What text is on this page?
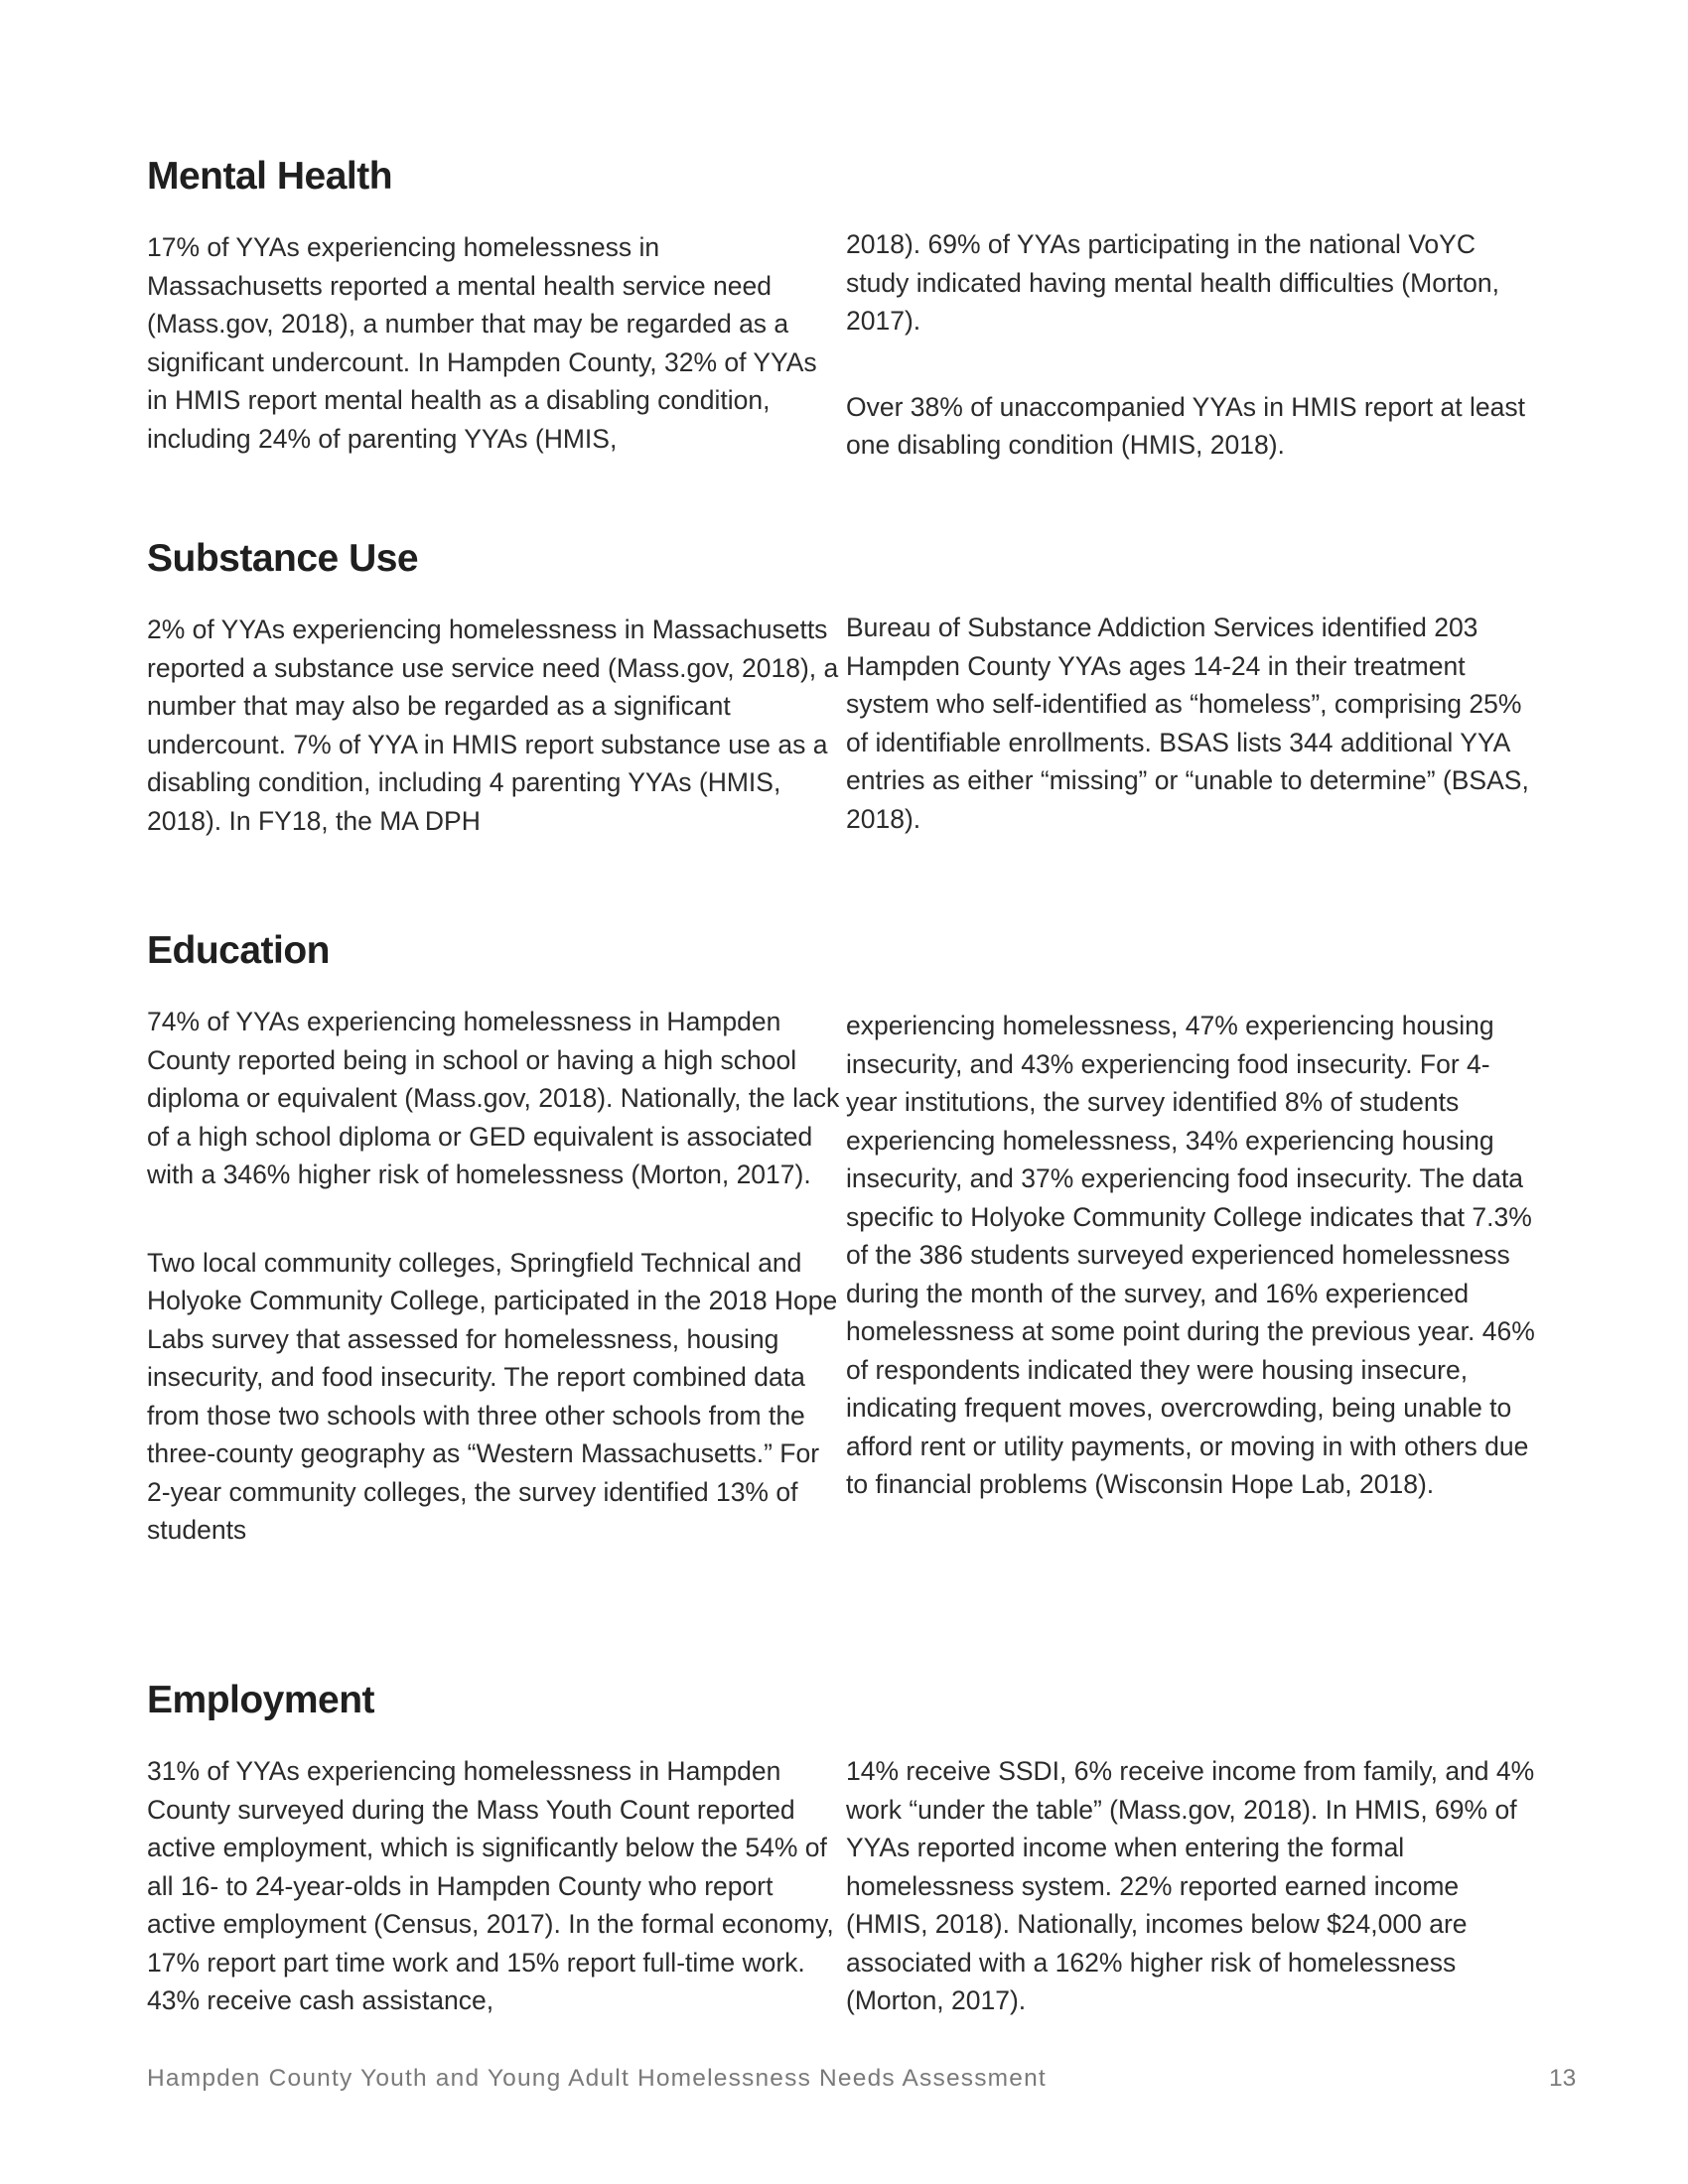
Mental Health

17% of YYAs experiencing homelessness in Massachusetts reported a mental health service need (Mass.gov, 2018), a number that may be regarded as a significant undercount. In Hampden County, 32% of YYAs in HMIS report mental health as a disabling condition, including 24% of parenting YYAs (HMIS,

2018). 69% of YYAs participating in the national VoYC study indicated having mental health difficulties (Morton, 2017).

Over 38% of unaccompanied YYAs in HMIS report at least one disabling condition (HMIS, 2018).

Substance Use

2% of YYAs experiencing homelessness in Massachusetts reported a substance use service need (Mass.gov, 2018), a number that may also be regarded as a significant undercount. 7% of YYA in HMIS report substance use as a disabling condition, including 4 parenting YYAs (HMIS, 2018). In FY18, the MA DPH

Bureau of Substance Addiction Services identified 203 Hampden County YYAs ages 14-24 in their treatment system who self-identified as “homeless”, comprising 25% of identifiable enrollments. BSAS lists 344 additional YYA entries as either “missing” or “unable to determine” (BSAS, 2018).

Education

74% of YYAs experiencing homelessness in Hampden County reported being in school or having a high school diploma or equivalent (Mass.gov, 2018). Nationally, the lack of a high school diploma or GED equivalent is associated with a 346% higher risk of homelessness (Morton, 2017).

Two local community colleges, Springfield Technical and Holyoke Community College, participated in the 2018 Hope Labs survey that assessed for homelessness, housing insecurity, and food insecurity. The report combined data from those two schools with three other schools from the three-county geography as “Western Massachusetts.” For 2-year community colleges, the survey identified 13% of students

experiencing homelessness, 47% experiencing housing insecurity, and 43% experiencing food insecurity. For 4-year institutions, the survey identified 8% of students experiencing homelessness, 34% experiencing housing insecurity, and 37% experiencing food insecurity. The data specific to Holyoke Community College indicates that 7.3% of the 386 students surveyed experienced homelessness during the month of the survey, and 16% experienced homelessness at some point during the previous year. 46% of respondents indicated they were housing insecure, indicating frequent moves, overcrowding, being unable to afford rent or utility payments, or moving in with others due to financial problems (Wisconsin Hope Lab, 2018).

Employment

31% of YYAs experiencing homelessness in Hampden County surveyed during the Mass Youth Count reported active employment, which is significantly below the 54% of all 16- to 24-year-olds in Hampden County who report active employment (Census, 2017). In the formal economy, 17% report part time work and 15% report full-time work. 43% receive cash assistance,

14% receive SSDI, 6% receive income from family, and 4% work “under the table” (Mass.gov, 2018). In HMIS, 69% of YYAs reported income when entering the formal homelessness system. 22% reported earned income (HMIS, 2018). Nationally, incomes below $24,000 are associated with a 162% higher risk of homelessness (Morton, 2017).

Hampden County Youth and Young Adult Homelessness Needs Assessment	13
